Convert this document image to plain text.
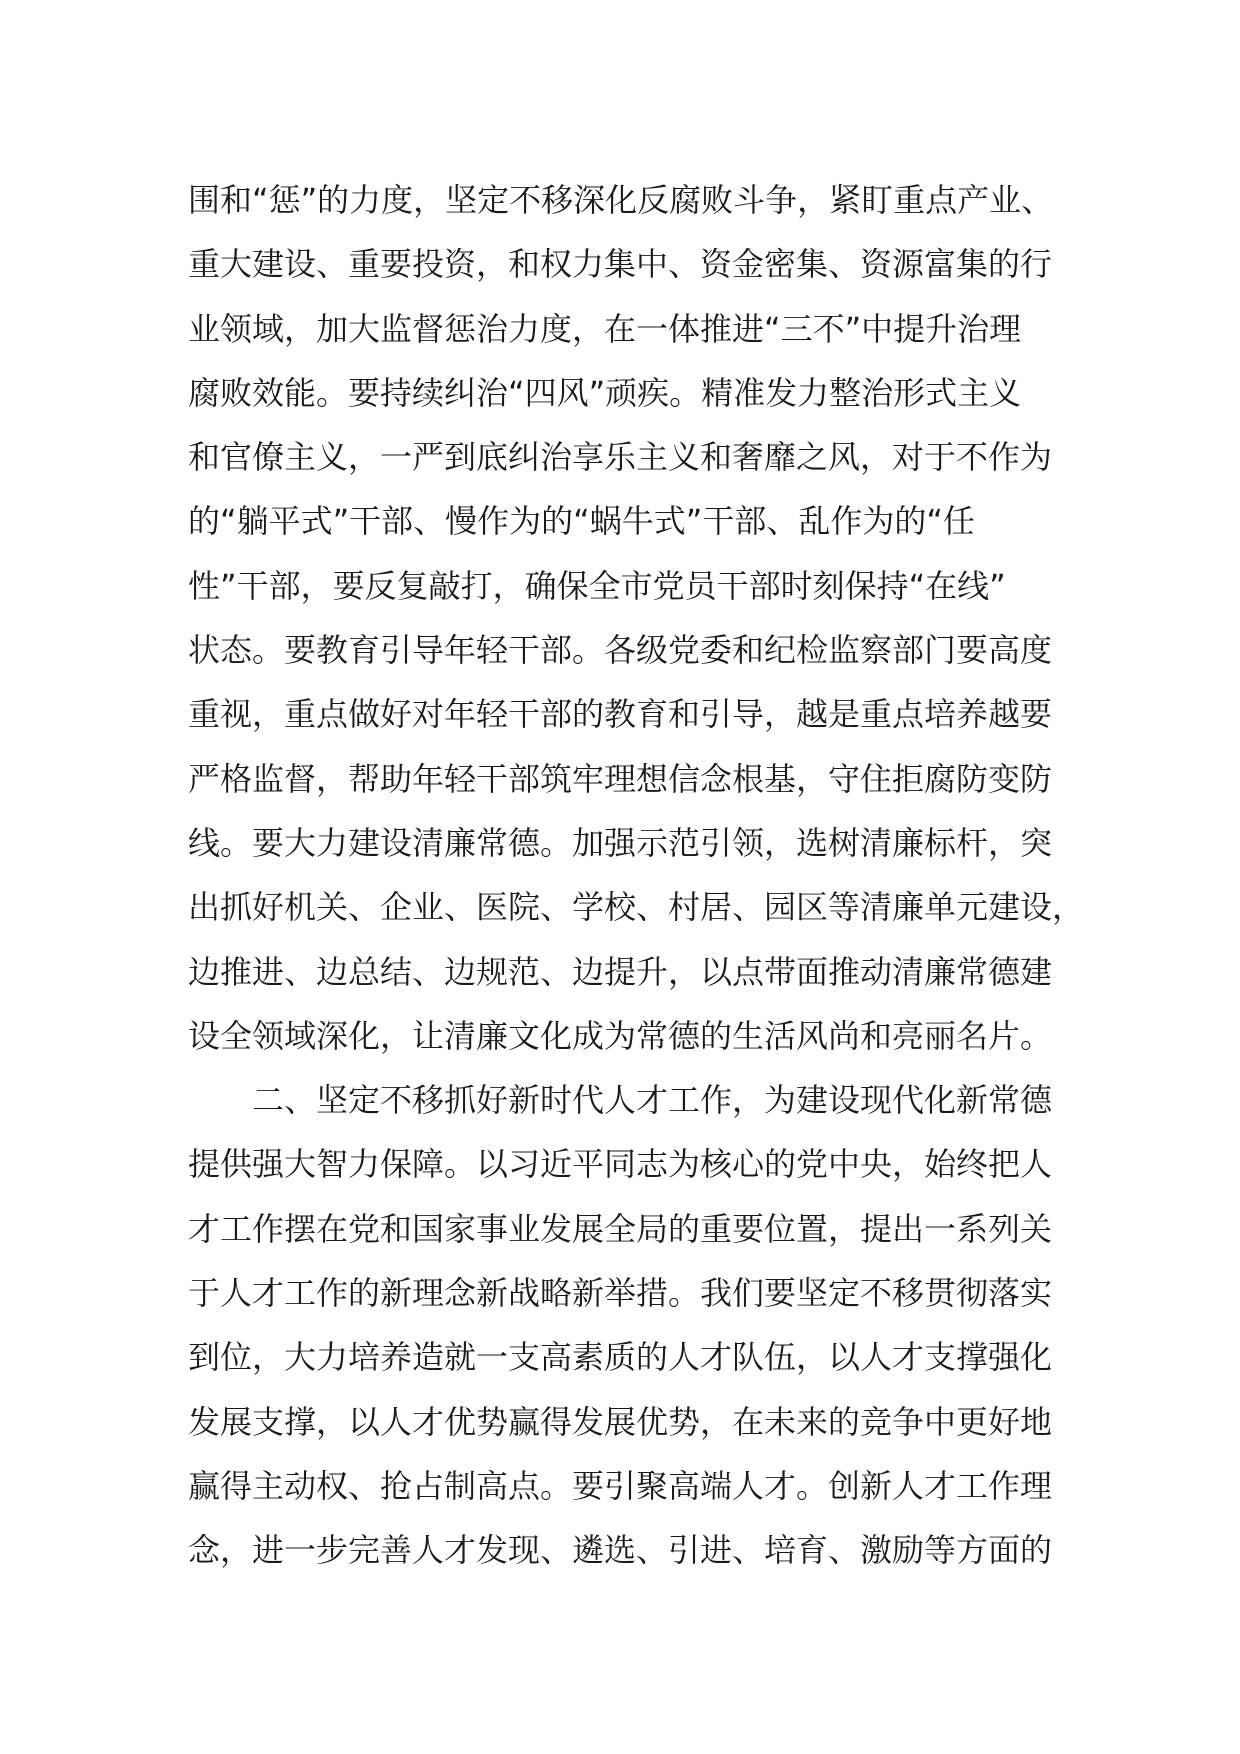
围和“惩”的力度，坚定不移深化反腐败斗争，紧盯重点产业、
重大建设、重要投资，和权力集中、资金密集、资源富集的行
业领域，加大监督惩治力度，在一体推进“三不”中提升治理
腐败效能。要持续纠治“四风”顽疾。精准发力整治形式主义
和官僚主义，一严到底纠治享乐主义和奢靡之风，对于不作为
的“躺平式”干部、慢作为的“蜗牛式”干部、乱作为的“任
性”干部，要反复敲打，确保全市党员干部时刻保持“在线”
状态。要教育引导年轻干部。各级党委和纪检监察部门要高度
重视，重点做好对年轻干部的教育和引导，越是重点培养越要
严格监督，帮助年轻干部筑牢理想信念根基，守住拒腐防变防
线。要大力建设清廉常德。加强示范引领，选树清廉标杆，突
出抓好机关、企业、医院、学校、村居、园区等清廉单元建设，
边推进、边总结、边规范、边提升，以点带面推动清廉常德建
设全领域深化，让清廉文化成为常德的生活风尚和亮丽名片。
　　二、坚定不移抓好新时代人才工作，为建设现代化新常德
提供强大智力保障。以习近平同志为核心的党中央，始终把人
才工作摆在党和国家事业发展全局的重要位置，提出一系列关
于人才工作的新理念新战略新举措。我们要坚定不移贯彻落实
到位，大力培养造就一支高素质的人才队伍，以人才支撑强化
发展支撑，以人才优势赢得发展优势，在未来的竞争中更好地
赢得主动权、抢占制高点。要引聚高端人才。创新人才工作理
念，进一步完善人才发现、遴选、引进、培育、激励等方面的
